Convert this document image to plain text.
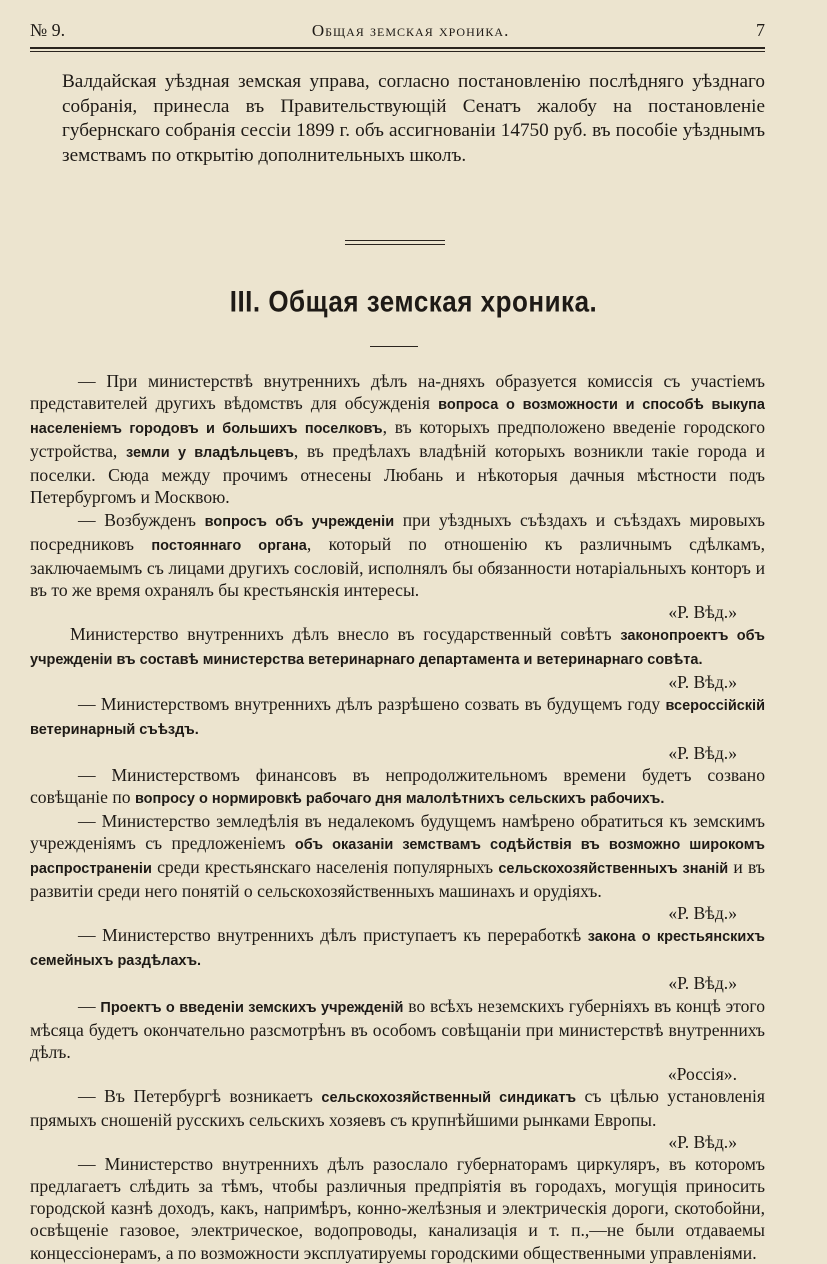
№ 9.	Общая земская хроника.	7

Валдайская уѣздная земская управа, согласно постановленію послѣдняго уѣзднаго собранія, принесла въ Правительствующій Сенатъ жалобу на постановленіе губернскаго собранія сессіи 1899 г. объ ассигнованіи 14750 руб. въ пособіе уѣзднымъ земствамъ по открытію дополнительныхъ школъ.

III. Общая земская хроника.

— При министерствѣ внутреннихъ дѣлъ на-дняхъ образуется комиссія съ участіемъ представителей другихъ вѣдомствъ для обсужденія вопроса о возможности и способѣ выкупа населеніемъ городовъ и большихъ поселковъ, въ которыхъ предположено введеніе городского устройства, земли у владѣльцевъ, въ предѣлахъ владѣній которыхъ возникли такіе города и поселки. Сюда между прочимъ отнесены Любань и нѣкоторыя дачныя мѣстности подъ Петербургомъ и Москвою.

— Возбужденъ вопросъ объ учрежденіи при уѣздныхъ съѣздахъ и съѣздахъ мировыхъ посредниковъ постояннаго органа, который по отношенію къ различнымъ сдѣлкамъ, заключаемымъ съ лицами другихъ сословій, исполнялъ бы обязанности нотаріальныхъ конторъ и въ то же время охранялъ бы крестьянскія интересы.
«Р. Вѣд.»

Министерство внутреннихъ дѣлъ внесло въ государственный совѣтъ законопроектъ объ учрежденіи въ составѣ министерства ветеринарнаго департамента и ветеринарнаго совѣта.
«Р. Вѣд.»

— Министерствомъ внутреннихъ дѣлъ разрѣшено созвать въ будущемъ году всероссійскій ветеринарный съѣздъ.
«Р. Вѣд.»

— Министерствомъ финансовъ въ непродолжительномъ времени будетъ созвано совѣщаніе по вопросу о нормировкѣ рабочаго дня малолѣтнихъ сельскихъ рабочихъ.

— Министерство земледѣлія въ недалекомъ будущемъ намѣрено обратиться къ земскимъ учрежденіямъ съ предложеніемъ объ оказаніи земствамъ содѣйствія въ возможно широкомъ распространеніи среди крестьянскаго населенія популярныхъ сельскохозяйственныхъ знаній и въ развитіи среди него понятій о сельскохозяйственныхъ машинахъ и орудіяхъ.
«Р. Вѣд.»

— Министерство внутреннихъ дѣлъ приступаетъ къ переработкѣ закона о крестьянскихъ семейныхъ раздѣлахъ.
«Р. Вѣд.»

— Проектъ о введеніи земскихъ учрежденій во всѣхъ неземскихъ губерніяхъ въ концѣ этого мѣсяца будетъ окончательно разсмотрѣнъ въ особомъ совѣщаніи при министерствѣ внутреннихъ дѣлъ.
«Россія».

— Въ Петербургѣ возникаетъ сельскохозяйственный синдикатъ съ цѣлью установленія прямыхъ сношеній русскихъ сельскихъ хозяевъ съ крупнѣйшими рынками Европы.
«Р. Вѣд.»

— Министерство внутреннихъ дѣлъ разослало губернаторамъ циркуляръ, въ которомъ предлагаетъ слѣдить за тѣмъ, чтобы различныя предпріятія въ городахъ, могущія приносить городской казнѣ доходъ, какъ, напримѣръ, конно-желѣзныя и электрическія дороги, скотобойни, освѣщеніе газовое, электрическое, водопроводы, канализація и т. п.,—не были отдаваемы концессіонерамъ, а по возможности эксплуатируемы городскими общественными управленіями.
